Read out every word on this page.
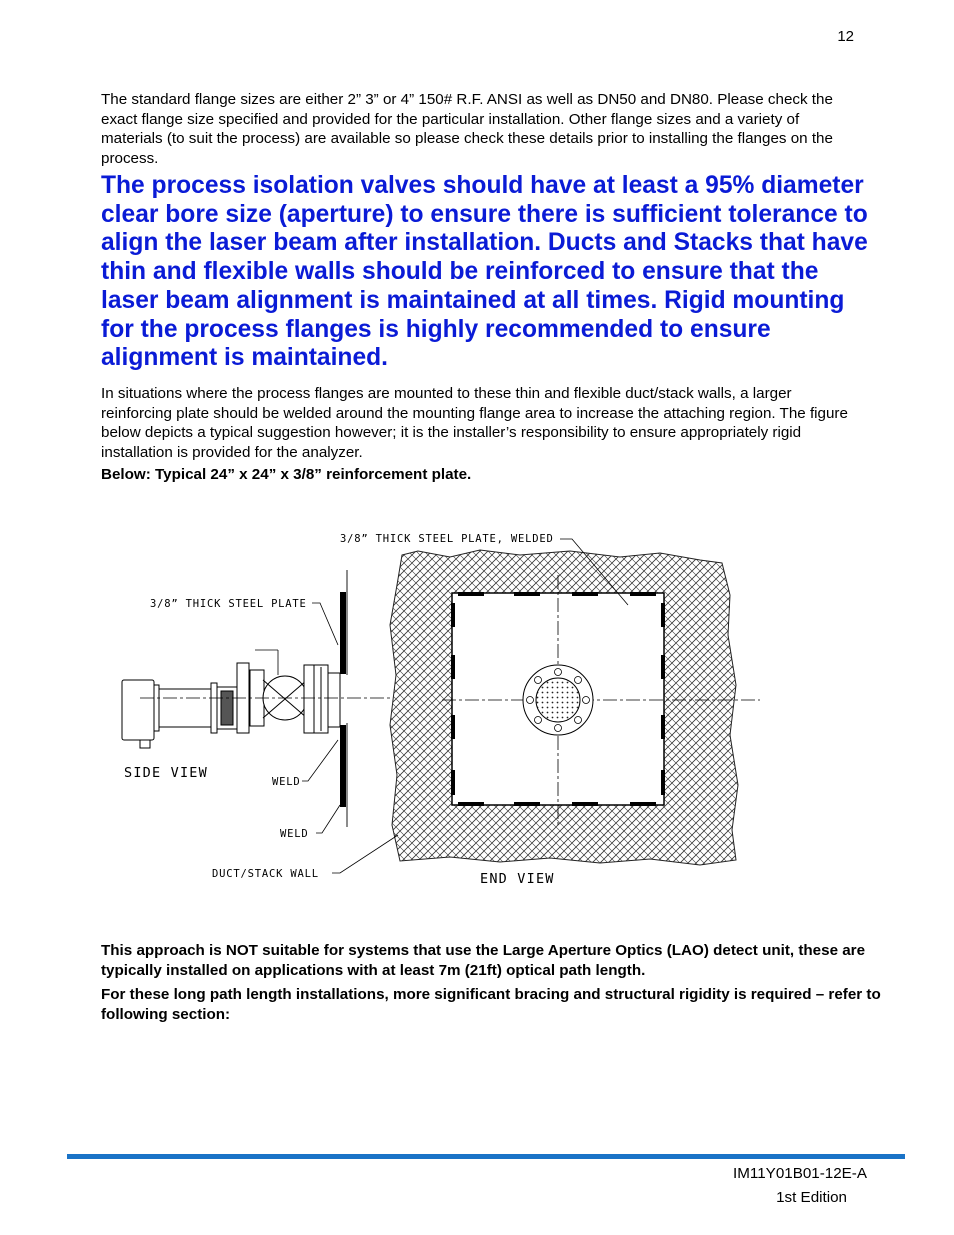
12

The standard flange sizes are either 2” 3” or 4” 150# R.F. ANSI as well as DN50 and DN80. Please check the exact flange size specified and provided for the particular installation. Other flange sizes and a variety of materials (to suit the process) are available so please check these details prior to installing the flanges on the process.

The process isolation valves should have at least a 95% diameter clear bore size (aperture) to ensure there is sufficient tolerance to align the laser beam after installation. Ducts and Stacks that have thin and flexible walls should be reinforced to ensure that the laser beam alignment is maintained at all times. Rigid mounting for the process flanges is highly recommended to ensure alignment is maintained.

In situations where the process flanges are mounted to these thin and flexible duct/stack walls, a larger reinforcing plate should be welded around the mounting flange area to increase the attaching region. The figure below depicts a typical suggestion however; it is the installer’s responsibility to ensure appropriately rigid installation is provided for the analyzer.

Below: Typical 24” x 24” x 3/8” reinforcement plate.

3/8” THICK STEEL PLATE, WELDED
3/8” THICK STEEL PLATE
SIDE VIEW
WELD
WELD
DUCT/STACK WALL	END VIEW

This approach is NOT suitable for systems that use the Large Aperture Optics (LAO) detect unit, these are typically installed on applications with at least 7m (21ft) optical path length.

For these long path length installations, more significant bracing and structural rigidity is required – refer to following section:

IM11Y01B01-12E-A
1st Edition
